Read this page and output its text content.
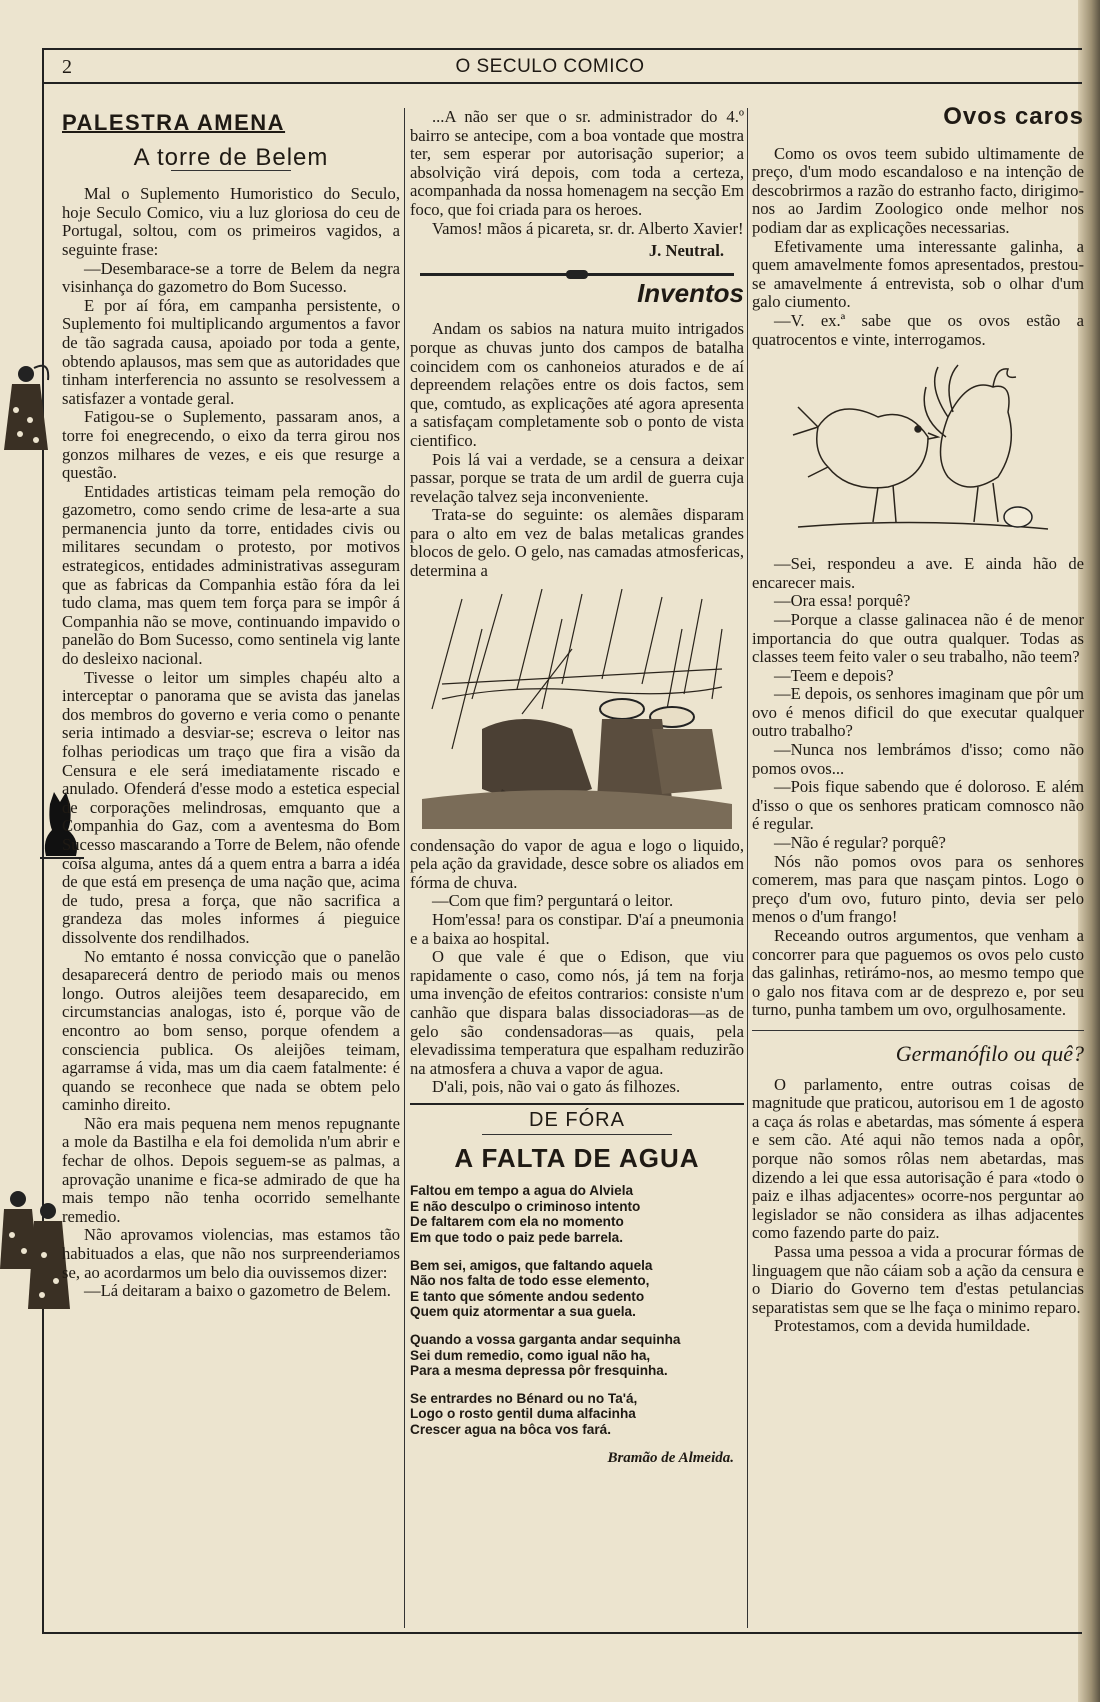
2	O SECULO COMICO
PALESTRA AMENA
A torre de Belem

Mal o Suplemento Humoristico do Seculo, hoje Seculo Comico, viu a luz gloriosa do ceu de Portugal, soltou, com os primeiros vagidos, a seguinte frase:

—Desembarace-se a torre de Belem da negra visinhança do gazometro do Bom Sucesso.

E por aí fóra, em campanha persistente, o Suplemento foi multiplicando argumentos a favor de tão sagrada causa, apoiado por toda a gente, obtendo aplausos, mas sem que as autoridades que tinham interferencia no assunto se resolvessem a satisfazer a vontade geral.

Fatigou-se o Suplemento, passaram anos, a torre foi enegrecendo, o eixo da terra girou nos gonzos milhares de vezes, e eis que resurge a questão.

Entidades artisticas teimam pela remoção do gazometro, como sendo crime de lesa-arte a sua permanencia junto da torre, entidades civis ou militares secundam o protesto, por motivos estrategicos, entidades administrativas asseguram que as fabricas da Companhia estão fóra da lei tudo clama, mas quem tem força para se impôr á Companhia não se move, continuando impavido o panelão do Bom Sucesso, como sentinela vig lante do desleixo nacional.

Tivesse o leitor um simples chapéu alto a interceptar o panorama que se avista das janelas dos membros do governo e veria como o penante seria intimado a desviar-se; escreva o leitor nas folhas periodicas um traço que fira a visão da Censura e ele será imediatamente riscado e anulado. Ofenderá d'esse modo a estetica especial de corporações melindrosas, emquanto que a Companhia do Gaz, com a aventesma do Bom Sucesso mascarando a Torre de Belem, não ofende coisa alguma, antes dá a quem entra a barra a idéa de que está em presença de uma nação que, acima de tudo, presa a força, que não sacrifica a grandeza das moles informes á pieguice dissolvente dos rendilhados.

No emtanto é nossa convicção que o panelão desaparecerá dentro de periodo mais ou menos longo. Outros aleijões teem desaparecido, em circumstancias analogas, isto é, porque vão de encontro ao bom senso, porque ofendem a consciencia publica. Os aleijões teimam, agarramse á vida, mas um dia caem fatalmente: é quando se reconhece que nada se obtem pelo caminho direito.

Não era mais pequena nem menos repugnante a mole da Bastilha e ela foi demolida n'um abrir e fechar de olhos. Depois seguem-se as palmas, a aprovação unanime e fica-se admirado de que ha mais tempo não tenha ocorrido semelhante remedio.

Não aprovamos violencias, mas estamos tão habituados a elas, que não nos surpreenderiamos se, ao acordarmos um belo dia ouvissemos dizer:

—Lá deitaram a baixo o gazometro de Belem.

...A não ser que o sr. administrador do 4.º bairro se antecipe, com a boa vontade que mostra ter, sem esperar por autorisação superior; a absolvição virá depois, com toda a certeza, acompanhada da nossa homenagem na secção Em foco, que foi criada para os heroes.

Vamos! mãos á picareta, sr. dr. Alberto Xavier!

J. Neutral.
Inventos

Andam os sabios na natura muito intrigados porque as chuvas junto dos campos de batalha coincidem com os canhoneios aturados e de aí depreendem relações entre os dois factos, sem que, comtudo, as explicações até agora apresenta a satisfaçam completamente sob o ponto de vista cientifico.

Pois lá vai a verdade, se a censura a deixar passar, porque se trata de um ardil de guerra cuja revelação talvez seja inconveniente.

Trata-se do seguinte: os alemães disparam para o alto em vez de balas metalicas grandes blocos de gelo. O gelo, nas camadas atmosfericas, determina a

condensação do vapor de agua e logo o liquido, pela ação da gravidade, desce sobre os aliados em fórma de chuva.

—Com que fim? perguntará o leitor.

Hom'essa! para os constipar. D'aí a pneumonia e a baixa ao hospital.

O que vale é que o Edison, que viu rapidamente o caso, como nós, já tem na forja uma invenção de efeitos contrarios: consiste n'um canhão que dispara balas dissociadoras—as de gelo são condensadoras—as quais, pela elevadissima temperatura que espalham reduzirão na atmosfera a chuva a vapor de agua.

D'ali, pois, não vai o gato ás filhozes.

DE FÓRA
A FALTA DE AGUA
Faltou em tempo a agua do Alviela
E não desculpo o criminoso intento
De faltarem com ela no momento
Em que todo o paiz pede barrela.
Bem sei, amigos, que faltando aquela
Não nos falta de todo esse elemento,
E tanto que sómente andou sedento
Quem quiz atormentar a sua guela.
Quando a vossa garganta andar sequinha
Sei dum remedio, como igual não ha,
Para a mesma depressa pôr fresquinha.
Se entrardes no Bénard ou no Ta'á,
Logo o rosto gentil duma alfacinha
Crescer agua na bôca vos fará.
Bramão de Almeida.
Ovos caros

Como os ovos teem subido ultimamente de preço, d'um modo escandaloso e na intenção de descobrirmos a razão do estranho facto, dirigimo-nos ao Jardim Zoologico onde melhor nos podiam dar as explicações necessarias.

Efetivamente uma interessante galinha, a quem amavelmente fomos apresentados, prestou-se amavelmente á entrevista, sob o olhar d'um galo ciumento.

—V. ex.ª sabe que os ovos estão a quatrocentos e vinte, interrogamos.

—Sei, respondeu a ave. E ainda hão de encarecer mais.

—Ora essa! porquê?

—Porque a classe galinacea não é de menor importancia do que outra qualquer. Todas as classes teem feito valer o seu trabalho, não teem?

—Teem e depois?

—E depois, os senhores imaginam que pôr um ovo é menos dificil do que executar qualquer outro trabalho?

—Nunca nos lembrámos d'isso; como não pomos ovos...

—Pois fique sabendo que é doloroso. E além d'isso o que os senhores praticam comnosco não é regular.

—Não é regular? porquê?

Nós não pomos ovos para os senhores comerem, mas para que nasçam pintos. Logo o preço d'um ovo, futuro pinto, devia ser pelo menos o d'um frango!

Receando outros argumentos, que venham a concorrer para que paguemos os ovos pelo custo das galinhas, retirámo-nos, ao mesmo tempo que o galo nos fitava com ar de desprezo e, por seu turno, punha tambem um ovo, orgulhosamente.

Germanófilo ou quê?

O parlamento, entre outras coisas de magnitude que praticou, autorisou em 1 de agosto a caça ás rolas e abetardas, mas sómente á espera e sem cão. Até aqui não temos nada a opôr, porque não somos rôlas nem abetardas, mas dizendo a lei que essa autorisação é para «todo o paiz e ilhas adjacentes» ocorre-nos perguntar ao legislador se não considera as ilhas adjacentes como fazendo parte do paiz.

Passa uma pessoa a vida a procurar fórmas de linguagem que não cáiam sob a ação da censura e o Diario do Governo tem d'estas petulancias separatistas sem que se lhe faça o minimo reparo.

Protestamos, com a devida humildade.
